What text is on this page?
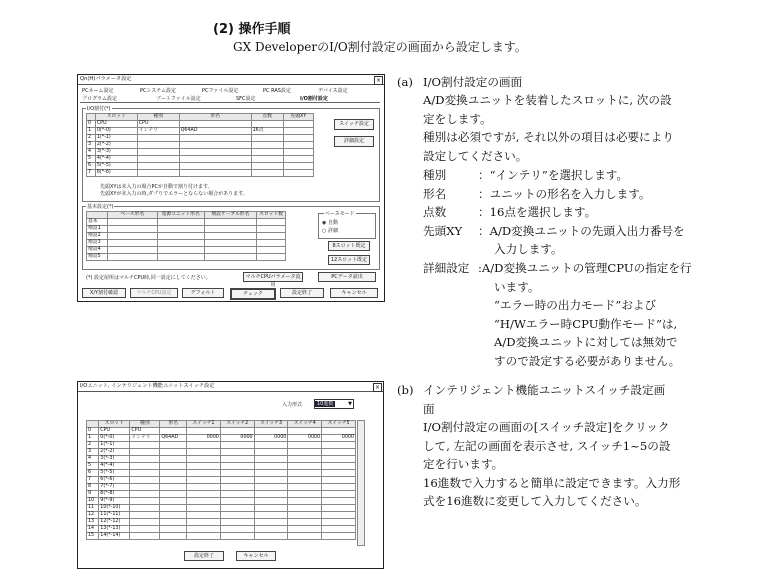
(2) 操作手順
GX DeveloperのI/O割付設定の画面から設定します。
Qn(H)パラメータ設定	×
PCネーム設定	PCシステム設定	PCファイル設定	PC RAS設定	デバイス設定
プログラム設定	ブートファイル設定	SFC設定	I/O割付設定
I/O割付(*)
	スロット	種別	形名	点数	先頭XY
0	CPU	CPU			
1	0(*-0)	インテリ	Q64AD	16点	
2	1(*-1)				
3	2(*-2)				
4	3(*-3)				
5	4(*-4)				
6	5(*-5)				
7	6(*-6)				
スイッチ設定
詳細設定
先頭XYは未入力の場合PCが自動で割り付けます。
先頭XYが未入力の時,ダブりでエラーとならない場合があります。
基本設定(*)
	ベース形名	電源ユニット形名	増設ケーブル形名	スロット数
基本				
増設1				
増設2				
増設3				
増設4				
増設5				
ベースモード
◉ 自動
○ 詳細
8スロット既定
12スロット既定
(*) 設定屋所はマルチCPU時,同一設定にしてください。	マルチCPUパラメータ流用
PCデータ読出
X/Y割付確認	マルチCPU設定	デフォルト	チェック	設定終了	キャンセル
I/Oユニット, インテリジェント機能ユニットスイッチ設定	×
入力形式	10進数	▼
	スロット	種別	形名	スイッチ1	スイッチ2	スイッチ3	スイッチ4	スイッチ5
0	CPU	CPU						
1	0(*-0)	インテリ	Q64AD	0000	0000	0000	0000	0000
2	1(*-1)							
3	2(*-2)							
4	3(*-3)							
5	4(*-4)							
6	5(*-5)							
7	6(*-6)							
8	7(*-7)							
9	8(*-8)							
10	9(*-9)							
11	10(*-10)							
12	11(*-11)							
13	12(*-12)							
14	13(*-13)							
15	14(*-14)							
設定終了	キャンセル
(a) I/O割付設定の画面
A/D変換ユニットを装着したスロットに, 次の設
定をします。
種別は必須ですが, それ以外の項目は必要により
設定してください。
種別	：“インテリ”を選択します。
形名	：ユニットの形名を入力します。
点数	：16点を選択します。
先頭XY	：A/D変換ユニットの先頭入出力番号を
入力します。
詳細設定 :A/D変換ユニットの管理CPUの指定を行
います。
“エラー時の出力モード”および
“H/Wエラー時CPU動作モード”は,
A/D変換ユニットに対しては無効で
すので設定する必要がありません。
(b) インテリジェント機能ユニットスイッチ設定画
面
I/O割付設定の画面の[スイッチ設定]をクリック
して, 左記の画面を表示させ, スイッチ1~5の設
定を行います。
16進数で入力すると簡単に設定できます。入力形
式を16進数に変更して入力してください。
